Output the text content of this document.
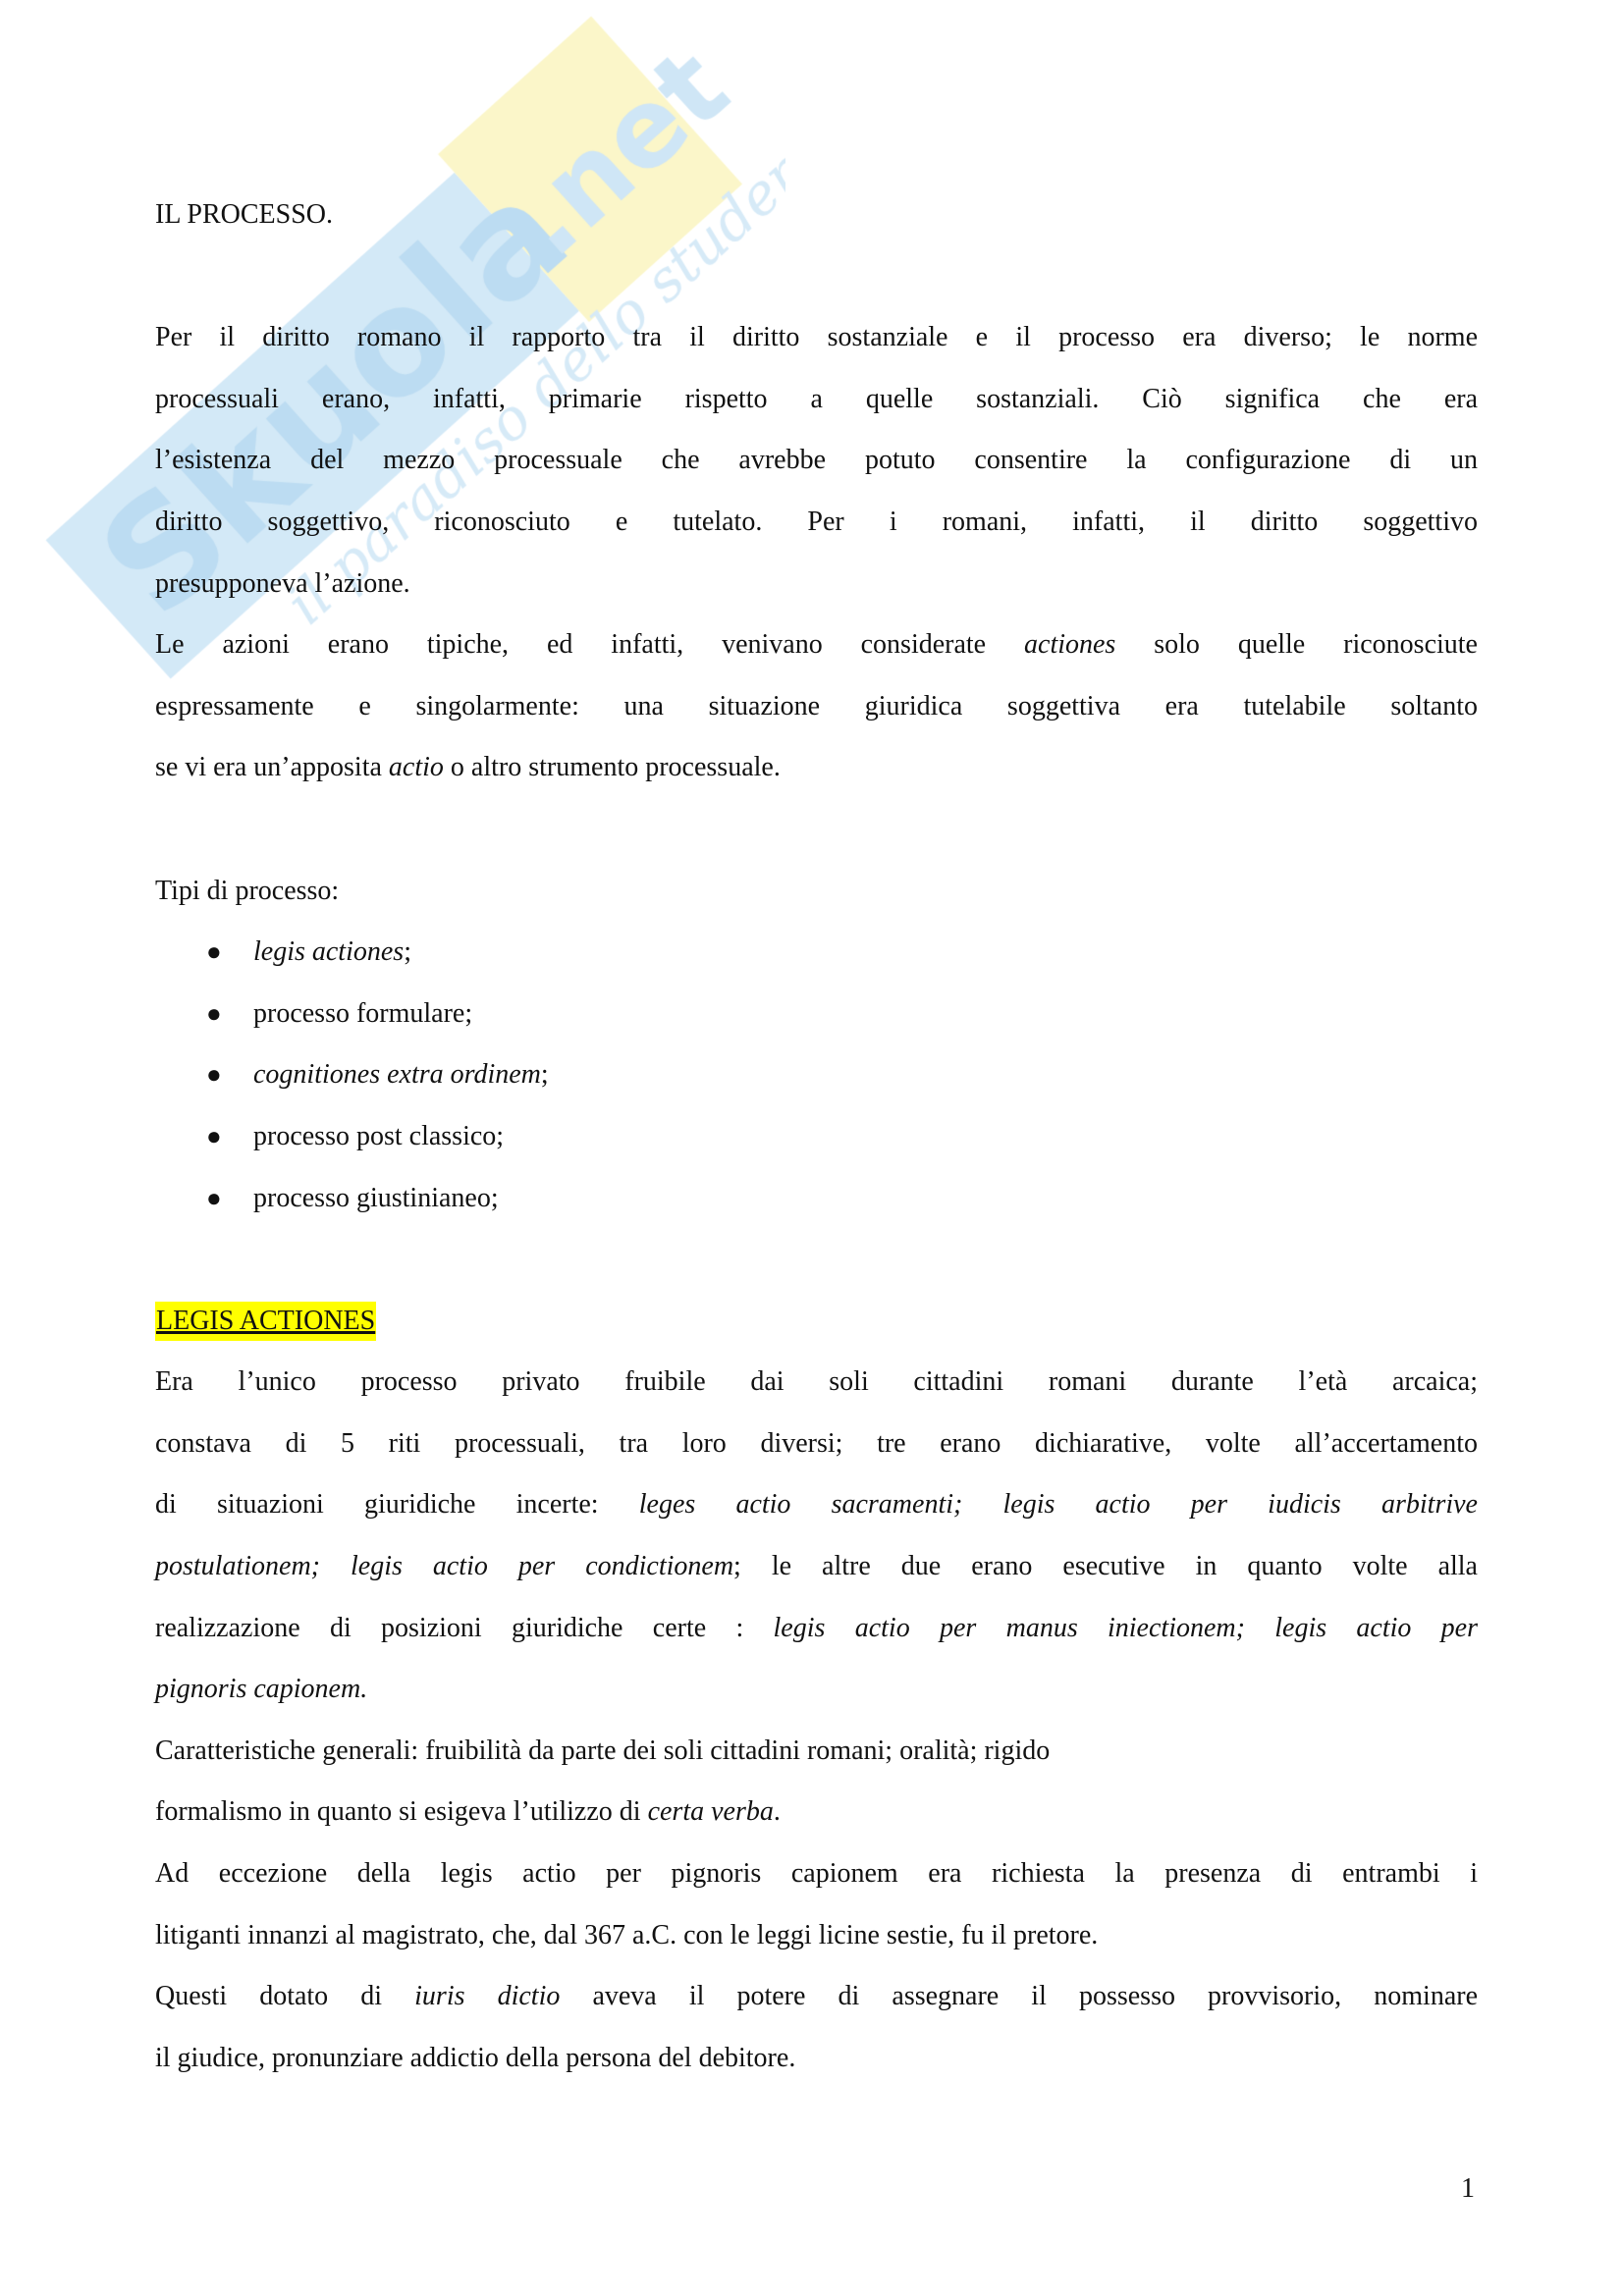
IL PROCESSO.
Per il diritto romano il rapporto tra il diritto sostanziale e il processo era diverso; le norme
processuali erano, infatti, primarie rispetto a quelle sostanziali. Ciò significa che era
l’esistenza del mezzo processuale che avrebbe potuto consentire la configurazione di un
diritto soggettivo, riconosciuto e tutelato. Per i romani, infatti, il diritto soggettivo
presupponeva l’azione.
Le azioni erano tipiche, ed infatti, venivano considerate actiones solo quelle riconosciute
espressamente e singolarmente: una situazione giuridica soggettiva era tutelabile soltanto
se vi era un’apposita actio o altro strumento processuale.
Tipi di processo:
● legis actiones;
● processo formulare;
● cognitiones extra ordinem;
● processo post classico;
● processo giustinianeo;
LEGIS ACTIONES
Era l’unico processo privato fruibile dai soli cittadini romani durante l’età arcaica;
constava di 5 riti processuali, tra loro diversi; tre erano dichiarative, volte all’accertamento
di situazioni giuridiche incerte: leges actio sacramenti; legis actio per iudicis arbitrive
postulationem; legis actio per condictionem; le altre due erano esecutive in quanto volte alla
realizzazione di posizioni giuridiche certe : legis actio per manus iniectionem; legis actio per
pignoris capionem.
Caratteristiche generali: fruibilità da parte dei soli cittadini romani; oralità; rigido
formalismo in quanto si esigeva l’utilizzo di certa verba.
Ad eccezione della legis actio per pignoris capionem era richiesta la presenza di entrambi i
litiganti innanzi al magistrato, che, dal 367 a.C. con le leggi licine sestie, fu il pretore.
Questi dotato di iuris dictio aveva il potere di assegnare il possesso provvisorio, nominare
il giudice, pronunziare addictio della persona del debitore.
1
